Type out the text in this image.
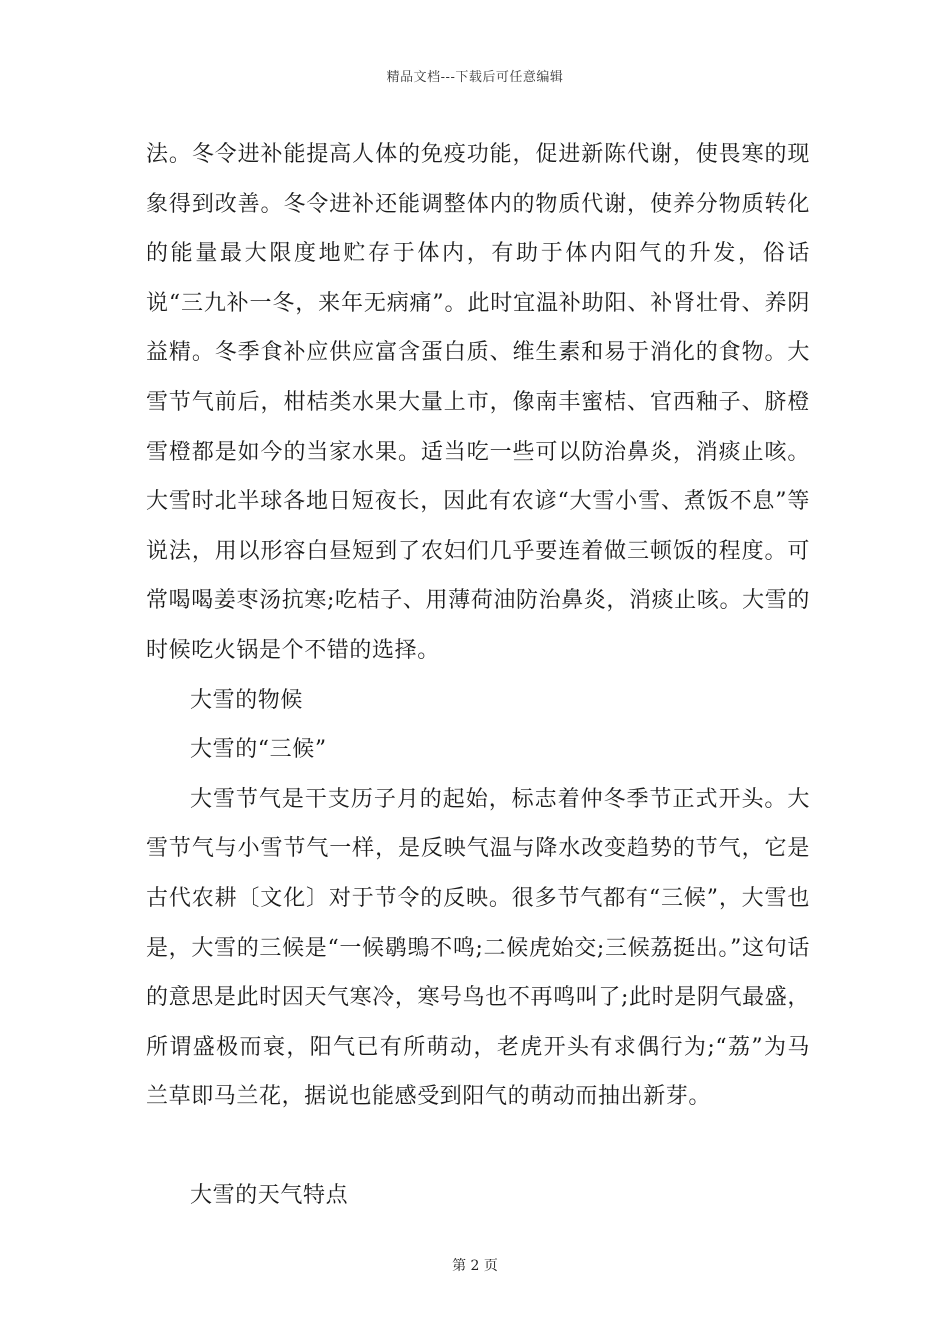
精品文档---下载后可任意编辑

法。冬令进补能提高人体的免疫功能，促进新陈代谢，使畏寒的现象得到改善。冬令进补还能调整体内的物质代谢，使养分物质转化的能量最大限度地贮存于体内，有助于体内阳气的升发，俗话说“三九补一冬，来年无病痛”。此时宜温补助阳、补肾壮骨、养阴益精。冬季食补应供应富含蛋白质、维生素和易于消化的食物。大雪节气前后，柑桔类水果大量上市，像南丰蜜桔、官西釉子、脐橙雪橙都是如今的当家水果。适当吃一些可以防治鼻炎，消痰止咳。大雪时北半球各地日短夜长，因此有农谚“大雪小雪、煮饭不息”等说法，用以形容白昼短到了农妇们几乎要连着做三顿饭的程度。可常喝喝姜枣汤抗寒;吃桔子、用薄荷油防治鼻炎，消痰止咳。大雪的时候吃火锅是个不错的选择。

大雪的物候

大雪的“三候”

大雪节气是干支历子月的起始，标志着仲冬季节正式开头。大雪节气与小雪节气一样，是反映气温与降水改变趋势的节气，它是古代农耕〔文化〕对于节令的反映。很多节气都有“三候”，大雪也是，大雪的三候是“一候鹖鴠不鸣;二候虎始交;三候荔挺出。”这句话的意思是此时因天气寒冷，寒号鸟也不再鸣叫了;此时是阴气最盛，所谓盛极而衰，阳气已有所萌动，老虎开头有求偶行为;“荔”为马兰草即马兰花，据说也能感受到阳气的萌动而抽出新芽。

大雪的天气特点

第 2 页
